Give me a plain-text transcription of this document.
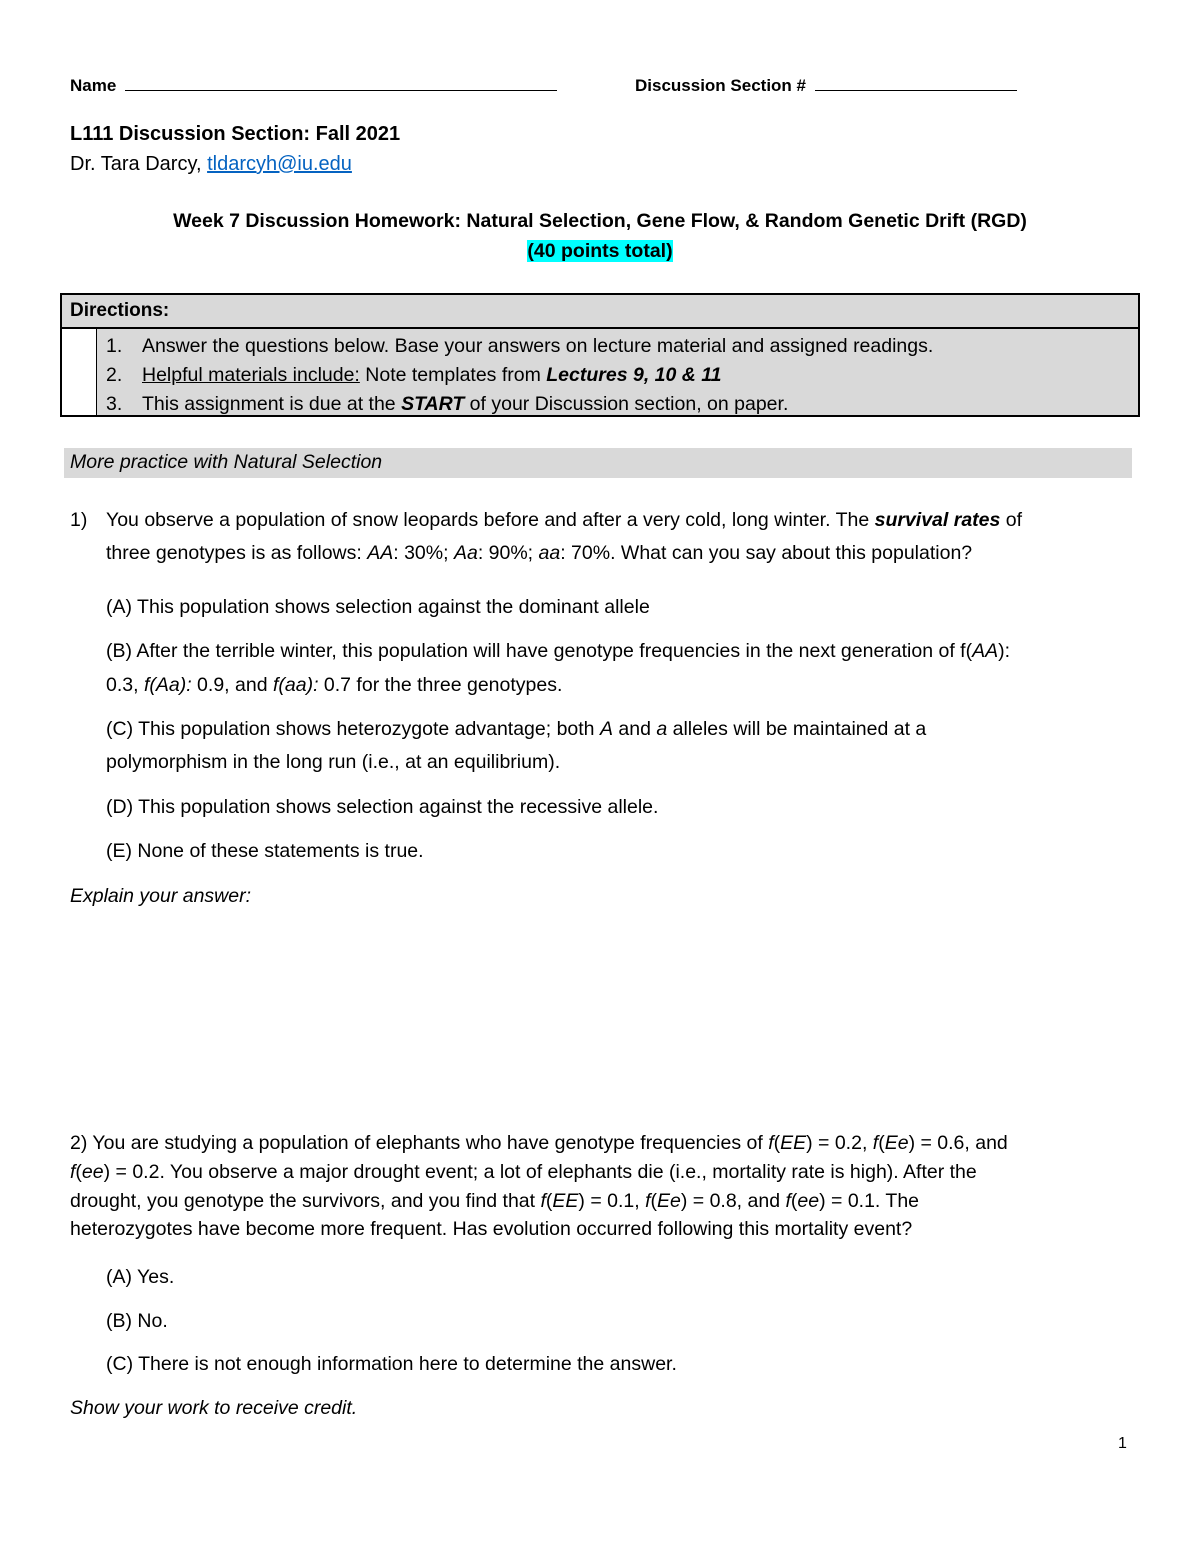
Name	Discussion Section #
L111 Discussion Section: Fall 2021
Dr. Tara Darcy, tldarcyh@iu.edu
Week 7 Discussion Homework: Natural Selection, Gene Flow, & Random Genetic Drift (RGD)
(40 points total)
Directions:
1. Answer the questions below. Base your answers on lecture material and assigned readings.
2. Helpful materials include: Note templates from Lectures 9, 10 & 11
3. This assignment is due at the START of your Discussion section, on paper.
More practice with Natural Selection
1) You observe a population of snow leopards before and after a very cold, long winter. The survival rates of
three genotypes is as follows: AA: 30%; Aa: 90%; aa: 70%. What can you say about this population?
(A) This population shows selection against the dominant allele
(B) After the terrible winter, this population will have genotype frequencies in the next generation of f(AA):
0.3, f(Aa): 0.9, and f(aa): 0.7 for the three genotypes.
(C) This population shows heterozygote advantage; both A and a alleles will be maintained at a
polymorphism in the long run (i.e., at an equilibrium).
(D) This population shows selection against the recessive allele.
(E) None of these statements is true.
Explain your answer:
2) You are studying a population of elephants who have genotype frequencies of f(EE) = 0.2, f(Ee) = 0.6, and
f(ee) = 0.2. You observe a major drought event; a lot of elephants die (i.e., mortality rate is high). After the
drought, you genotype the survivors, and you find that f(EE) = 0.1, f(Ee) = 0.8, and f(ee) = 0.1. The
heterozygotes have become more frequent. Has evolution occurred following this mortality event?
(A) Yes.
(B) No.
(C) There is not enough information here to determine the answer.
Show your work to receive credit.
1
